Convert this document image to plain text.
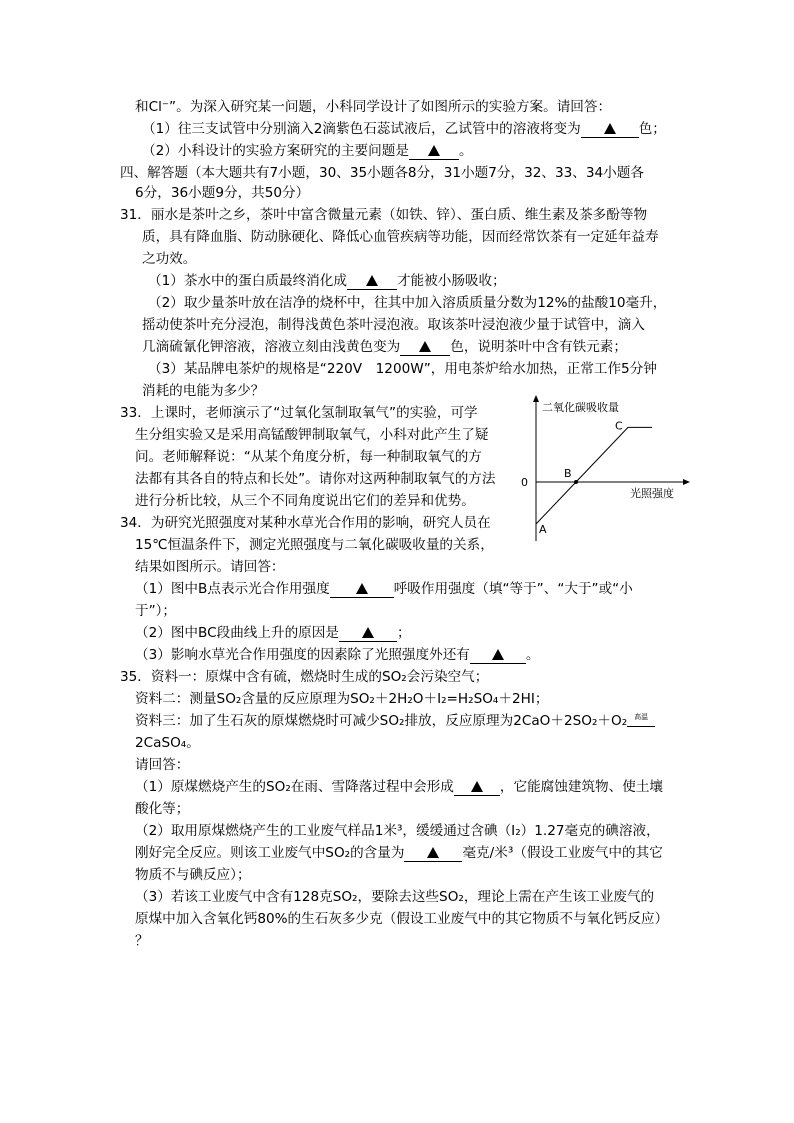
和Cl⁻”。为深入研究某一问题，小科同学设计了如图所示的实验方案。请回答：
（1）往三支试管中分别滴入2滴紫色石蕊试液后，乙试管中的溶液将变为	色；
（2）小科设计的实验方案研究的主要问题是	。
四、解答题（本大题共有7小题，30、35小题各8分，31小题7分，32、33、34小题各
6分，36小题9分，共50分）
31．丽水是茶叶之乡，茶叶中富含微量元素（如铁、锌）、蛋白质、维生素及茶多酚等物
质，具有降血脂、防动脉硬化、降低心血管疾病等功能，因而经常饮茶有一定延年益寿
之功效。
（1）茶水中的蛋白质最终消化成	才能被小肠吸收；
（2）取少量茶叶放在洁净的烧杯中，往其中加入溶质质量分数为12%的盐酸10毫升，
摇动使茶叶充分浸泡，制得浅黄色茶叶浸泡液。取该茶叶浸泡液少量于试管中，滴入
几滴硫氰化钾溶液，溶液立刻由浅黄色变为	色，说明茶叶中含有铁元素；
（3）某品牌电茶炉的规格是“220V　1200W”，用电茶炉给水加热，正常工作5分钟
消耗的电能为多少？
33．上课时，老师演示了“过氧化氢制取氧气”的实验，可学
生分组实验又是采用高锰酸钾制取氧气，小科对此产生了疑
问。老师解释说：“从某个角度分析，每一种制取氧气的方
法都有其各自的特点和长处”。请你对这两种制取氧气的方法
进行分析比较，从三个不同角度说出它们的差异和优势。
34．为研究光照强度对某种水草光合作用的影响，研究人员在
15℃恒温条件下，测定光照强度与二氧化碳吸收量的关系，
结果如图所示。请回答：
（1）图中B点表示光合作用强度	呼吸作用强度（填“等于”、“大于”或“小
于”）；
（2）图中BC段曲线上升的原因是	；
（3）影响水草光合作用强度的因素除了光照强度外还有	。
35．资料一：原煤中含有硫，燃烧时生成的SO₂会污染空气；
资料二：测量SO₂含量的反应原理为SO₂＋2H₂O＋I₂=H₂SO₄＋2HI；
资料三：加了生石灰的原煤燃烧时可减少SO₂排放，反应原理为2CaO＋2SO₂＋O₂ $^{高温}$
2CaSO₄。
请回答：
（1）原煤燃烧产生的SO₂在雨、雪降落过程中会形成	，它能腐蚀建筑物、使土壤
酸化等；
（2）取用原煤燃烧产生的工业废气样品1米³，缓缓通过含碘（I₂）1.27毫克的碘溶液，
刚好完全反应。则该工业废气中SO₂的含量为	毫克/米³（假设工业废气中的其它
物质不与碘反应）；
（3）若该工业废气中含有128克SO₂，要除去这些SO₂，理论上需在产生该工业废气的
原煤中加入含氧化钙80%的生石灰多少克（假设工业废气中的其它物质不与氧化钙反应）
？
二氧化碳吸收量
光照强度
0
A
B
C
